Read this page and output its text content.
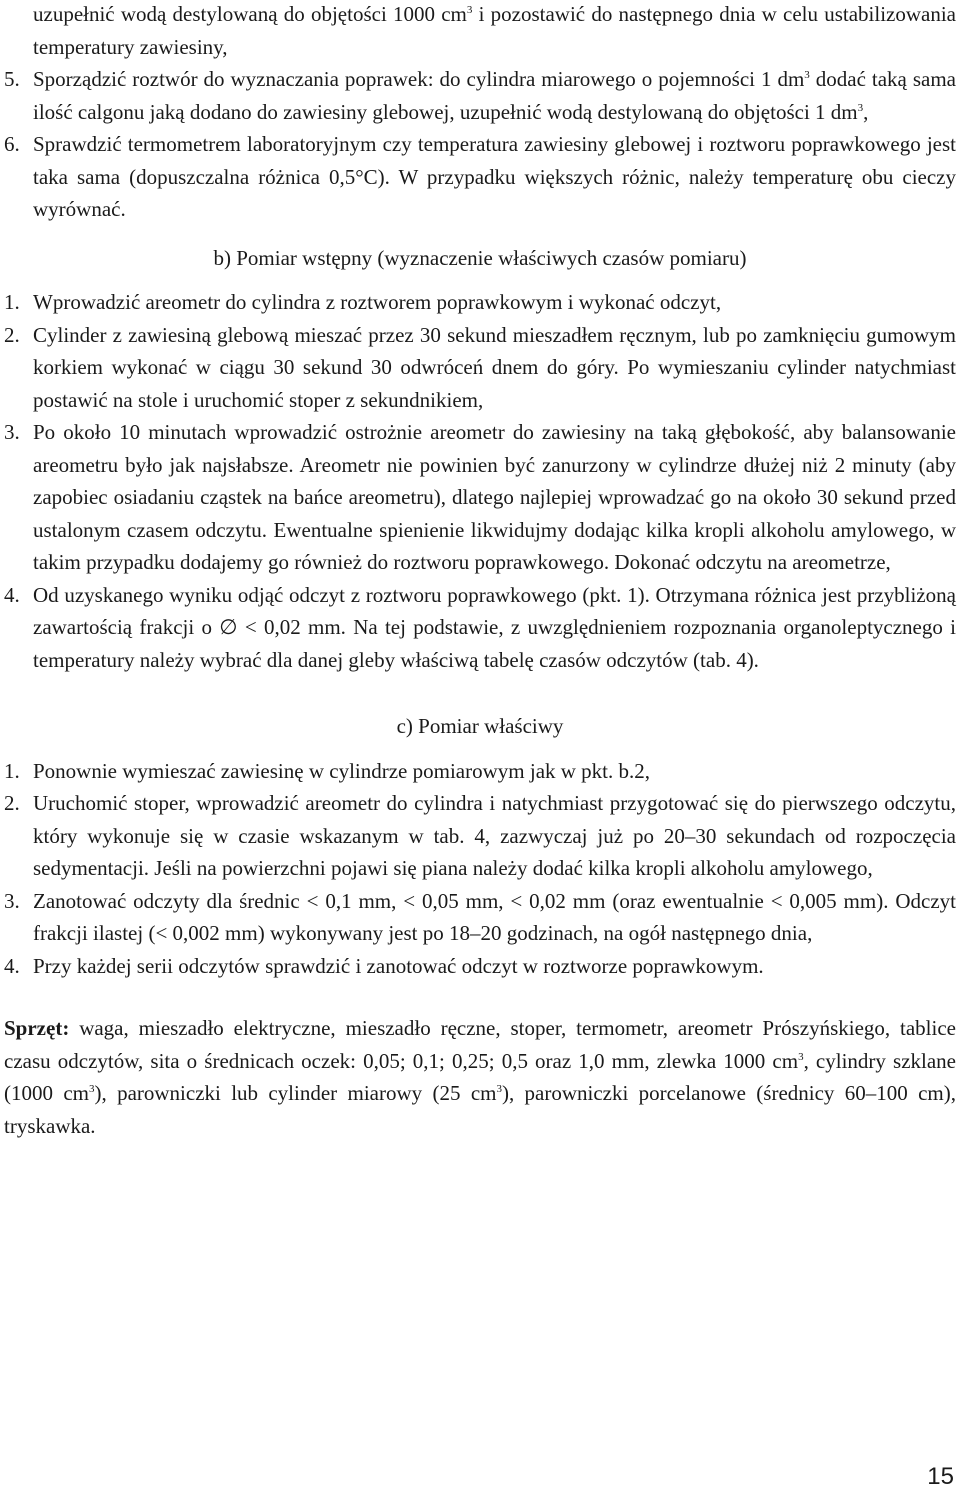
uzupełnić wodą destylowaną do objętości 1000 $cm^3$ i pozostawić do następnego dnia w celu ustabilizowania temperatury zawiesiny,
5. Sporządzić roztwór do wyznaczania poprawek: do cylindra miarowego o pojemności 1 $dm^3$ dodać taką sama ilość calgonu jaką dodano do zawiesiny glebowej, uzupełnić wodą destylowaną do objętości 1 $dm^3$,
6. Sprawdzić termometrem laboratoryjnym czy temperatura zawiesiny glebowej i roztworu poprawkowego jest taka sama (dopuszczalna różnica 0,5°C). W przypadku większych różnic, należy temperaturę obu cieczy wyrównać.
b) Pomiar wstępny (wyznaczenie właściwych czasów pomiaru)
1. Wprowadzić areometr do cylindra z roztworem poprawkowym i wykonać odczyt,
2. Cylinder z zawiesiną glebową mieszać przez 30 sekund mieszadłem ręcznym, lub po zamknięciu gumowym korkiem wykonać w ciągu 30 sekund 30 odwróceń dnem do góry. Po wymieszaniu cylinder natychmiast postawić na stole i uruchomić stoper z sekundnikiem,
3. Po około 10 minutach wprowadzić ostrożnie areometr do zawiesiny na taką głębokość, aby balansowanie areometru było jak najsłabsze. Areometr nie powinien być zanurzony w cylindrze dłużej niż 2 minuty (aby zapobiec osiadaniu cząstek na bańce areometru), dlatego najlepiej wprowadzać go na około 30 sekund przed ustalonym czasem odczytu. Ewentualne spienienie likwidujmy dodając kilka kropli alkoholu amylowego, w takim przypadku dodajemy go również do roztworu poprawkowego. Dokonać odczytu na areometrze,
4. Od uzyskanego wyniku odjąć odczyt z roztworu poprawkowego (pkt. 1). Otrzymana różnica jest przybliżoną zawartością frakcji o ∅ < 0,02 mm. Na tej podstawie, z uwzględnieniem rozpoznania organoleptycznego i temperatury należy wybrać dla danej gleby właściwą tabelę czasów odczytów (tab. 4).
c) Pomiar właściwy
1. Ponownie wymieszać zawiesinę w cylindrze pomiarowym jak w pkt. b.2,
2. Uruchomić stoper, wprowadzić areometr do cylindra i natychmiast przygotować się do pierwszego odczytu, który wykonuje się w czasie wskazanym w tab. 4, zazwyczaj już po 20–30 sekundach od rozpoczęcia sedymentacji. Jeśli na powierzchni pojawi się piana należy dodać kilka kropli alkoholu amylowego,
3. Zanotować odczyty dla średnic < 0,1 mm, < 0,05 mm, < 0,02 mm (oraz ewentualnie < 0,005 mm). Odczyt frakcji ilastej (< 0,002 mm) wykonywany jest po 18–20 godzinach, na ogół następnego dnia,
4. Przy każdej serii odczytów sprawdzić i zanotować odczyt w roztworze poprawkowym.
Sprzęt: waga, mieszadło elektryczne, mieszadło ręczne, stoper, termometr, areometr Prószyńskiego, tablice czasu odczytów, sita o średnicach oczek: 0,05; 0,1; 0,25; 0,5 oraz 1,0 mm, zlewka 1000 $cm^3$, cylindry szklane (1000 $cm^3$), parowniczki lub cylinder miarowy (25 $cm^3$), parowniczki porcelanowe (średnicy 60–100 cm), tryskawka.
15
